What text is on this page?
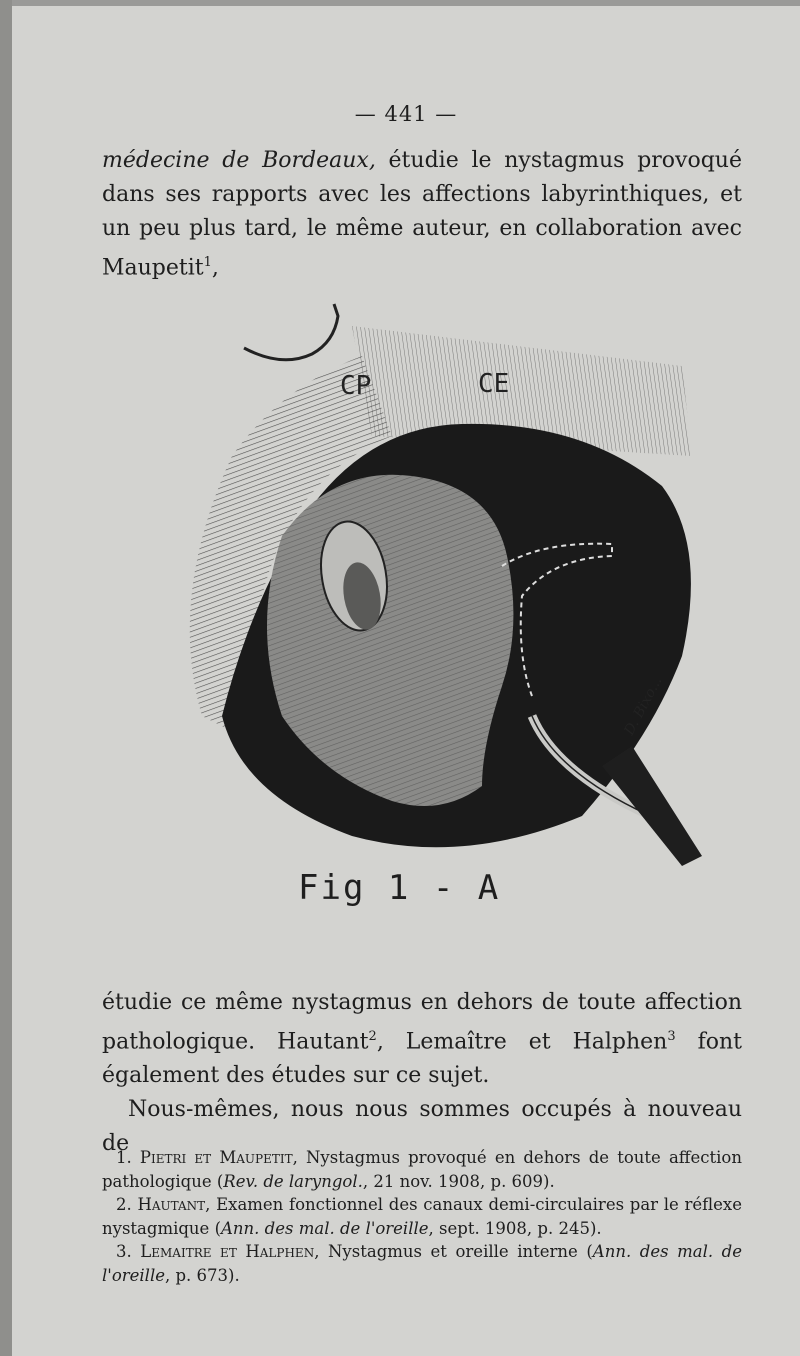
— 441 —

médecine de Bordeaux, étudie le nystagmus provoqué dans ses rapports avec les affections labyrinthiques, et un peu plus tard, le même auteur, en collaboration avec Maupetit$^1$,

CP	CE
D. Bixo...
Fig 1 - A

étudie ce même nystagmus en dehors de toute affection pathologique. Hautant$^2$, Lemaître et Halphen$^3$ font également des études sur ce sujet.

Nous-mêmes, nous nous sommes occupés à nouveau de

1. Pietri et Maupetit, Nystagmus provoqué en dehors de toute affection pathologique (Rev. de laryngol., 21 nov. 1908, p. 609).

2. Hautant, Examen fonctionnel des canaux demi-circulaires par le réflexe nystagmique (Ann. des mal. de l'oreille, sept. 1908, p. 245).

3. Lemaitre et Halphen, Nystagmus et oreille interne (Ann. des mal. de l'oreille, p. 673).
